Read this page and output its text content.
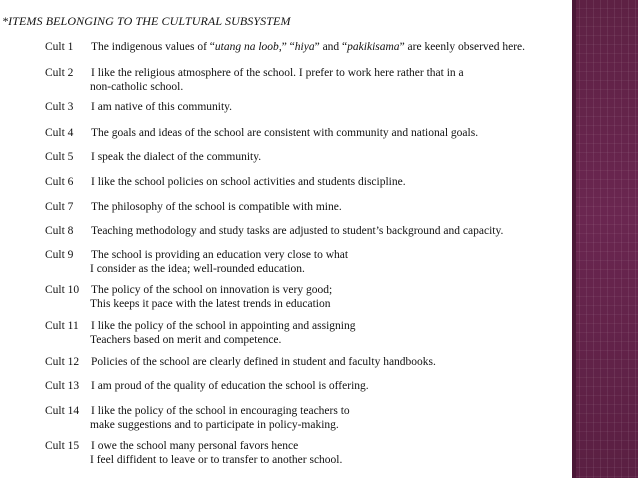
*ITEMS BELONGING TO THE CULTURAL SUBSYSTEM
Cult 1 The indigenous values of “utang na loob,” “hiya” and “pakikisama” are keenly observed here.
Cult 2 I like the religious atmosphere of the school. I prefer to work here rather that in a
non-catholic school.
Cult 3 I am native of this community.
Cult 4 The goals and ideas of the school are consistent with community and national goals.
Cult 5 I speak the dialect of the community.
Cult 6 I like the school policies on school activities and students discipline.
Cult 7 The philosophy of the school is compatible with mine.
Cult 8 Teaching methodology and study tasks are adjusted to student’s background and capacity.
Cult 9 The school is providing an education very close to what
I consider as the idea; well-rounded education.
Cult 10 The policy of the school on innovation is very good;
This keeps it pace with the latest trends in education
Cult 11 I like the policy of the school in appointing and assigning
Teachers based on merit and competence.
Cult 12 Policies of the school are clearly defined in student and faculty handbooks.
Cult 13 I am proud of the quality of education the school is offering.
Cult 14 I like the policy of the school in encouraging teachers to
make suggestions and to participate in policy-making.
Cult 15 I owe the school many personal favors hence
I feel diffident to leave or to transfer to another school.
